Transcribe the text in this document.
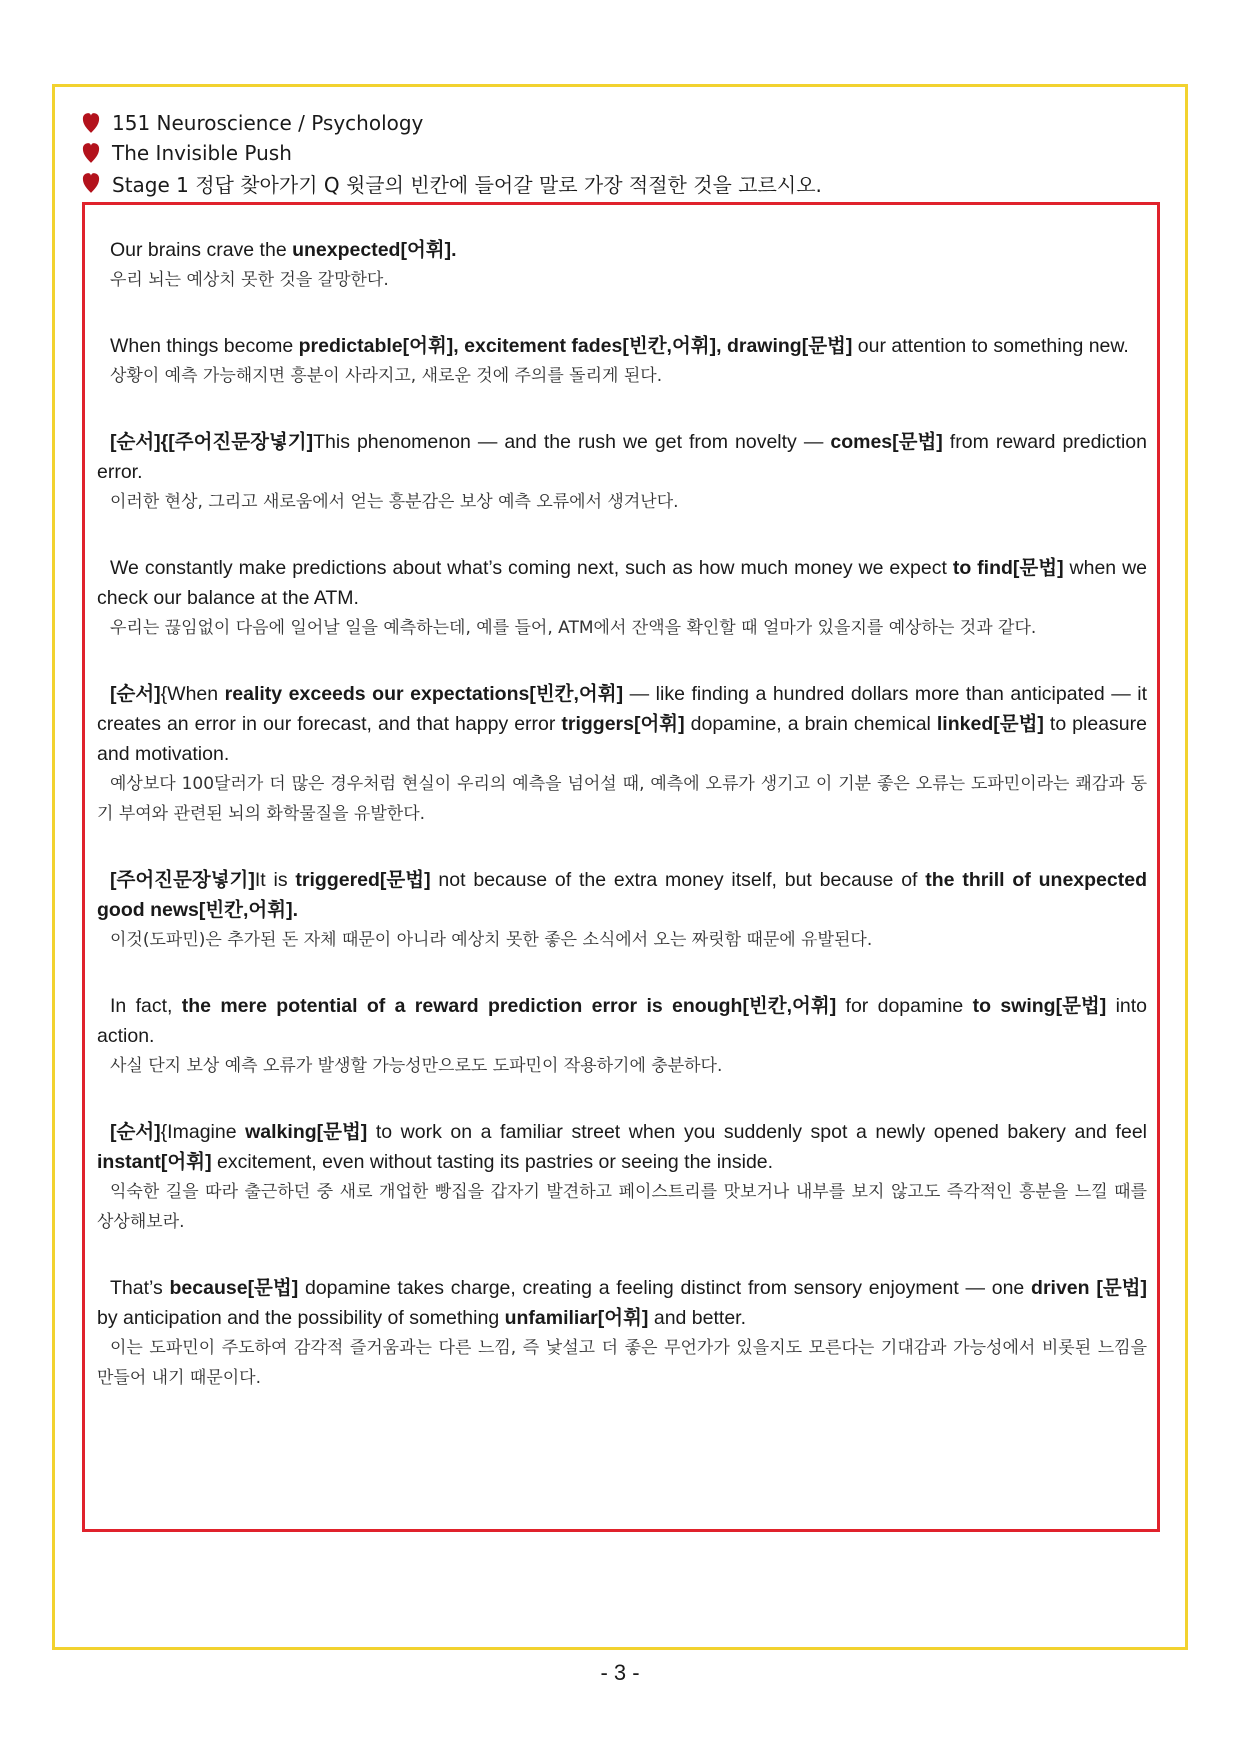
151 Neuroscience / Psychology
The Invisible Push
Stage 1 정답 찾아가기 Q 윗글의 빈칸에 들어갈 말로 가장 적절한 것을 고르시오.

Our brains crave the unexpected[어휘].

우리 뇌는 예상치 못한 것을 갈망한다.

When things become predictable[어휘], excitement fades[빈칸,어휘], drawing[문법] our attention to something new.

상황이 예측 가능해지면 흥분이 사라지고, 새로운 것에 주의를 돌리게 된다.

[순서]{[주어진문장넣기]This phenomenon — and the rush we get from novelty — comes[문법] from reward prediction error.

이러한 현상, 그리고 새로움에서 얻는 흥분감은 보상 예측 오류에서 생겨난다.

We constantly make predictions about what’s coming next, such as how much money we expect to find[문법] when we check our balance at the ATM.

우리는 끊임없이 다음에 일어날 일을 예측하는데, 예를 들어, ATM에서 잔액을 확인할 때 얼마가 있을지를 예상하는 것과 같다.

[순서]{When reality exceeds our expectations[빈칸,어휘] — like finding a hundred dollars more than anticipated — it creates an error in our forecast, and that happy error triggers[어휘] dopamine, a brain chemical linked[문법] to pleasure and motivation.

예상보다 100달러가 더 많은 경우처럼 현실이 우리의 예측을 넘어설 때, 예측에 오류가 생기고 이 기분 좋은 오류는 도파민이라는 쾌감과 동기 부여와 관련된 뇌의 화학물질을 유발한다.

[주어진문장넣기]It is triggered[문법] not because of the extra money itself, but because of the thrill of unexpected good news[빈칸,어휘].

이것(도파민)은 추가된 돈 자체 때문이 아니라 예상치 못한 좋은 소식에서 오는 짜릿함 때문에 유발된다.

In fact, the mere potential of a reward prediction error is enough[빈칸,어휘] for dopamine to swing[문법] into action.

사실 단지 보상 예측 오류가 발생할 가능성만으로도 도파민이 작용하기에 충분하다.

[순서]{Imagine walking[문법] to work on a familiar street when you suddenly spot a newly opened bakery and feel instant[어휘] excitement, even without tasting its pastries or seeing the inside.

익숙한 길을 따라 출근하던 중 새로 개업한 빵집을 갑자기 발견하고 페이스트리를 맛보거나 내부를 보지 않고도 즉각적인 흥분을 느낄 때를 상상해보라.

That’s because[문법] dopamine takes charge, creating a feeling distinct from sensory enjoyment — one driven [문법] by anticipation and the possibility of something unfamiliar[어휘] and better.

이는 도파민이 주도하여 감각적 즐거움과는 다른 느낌, 즉 낯설고 더 좋은 무언가가 있을지도 모른다는 기대감과 가능성에서 비롯된 느낌을 만들어 내기 때문이다.

- 3 -
